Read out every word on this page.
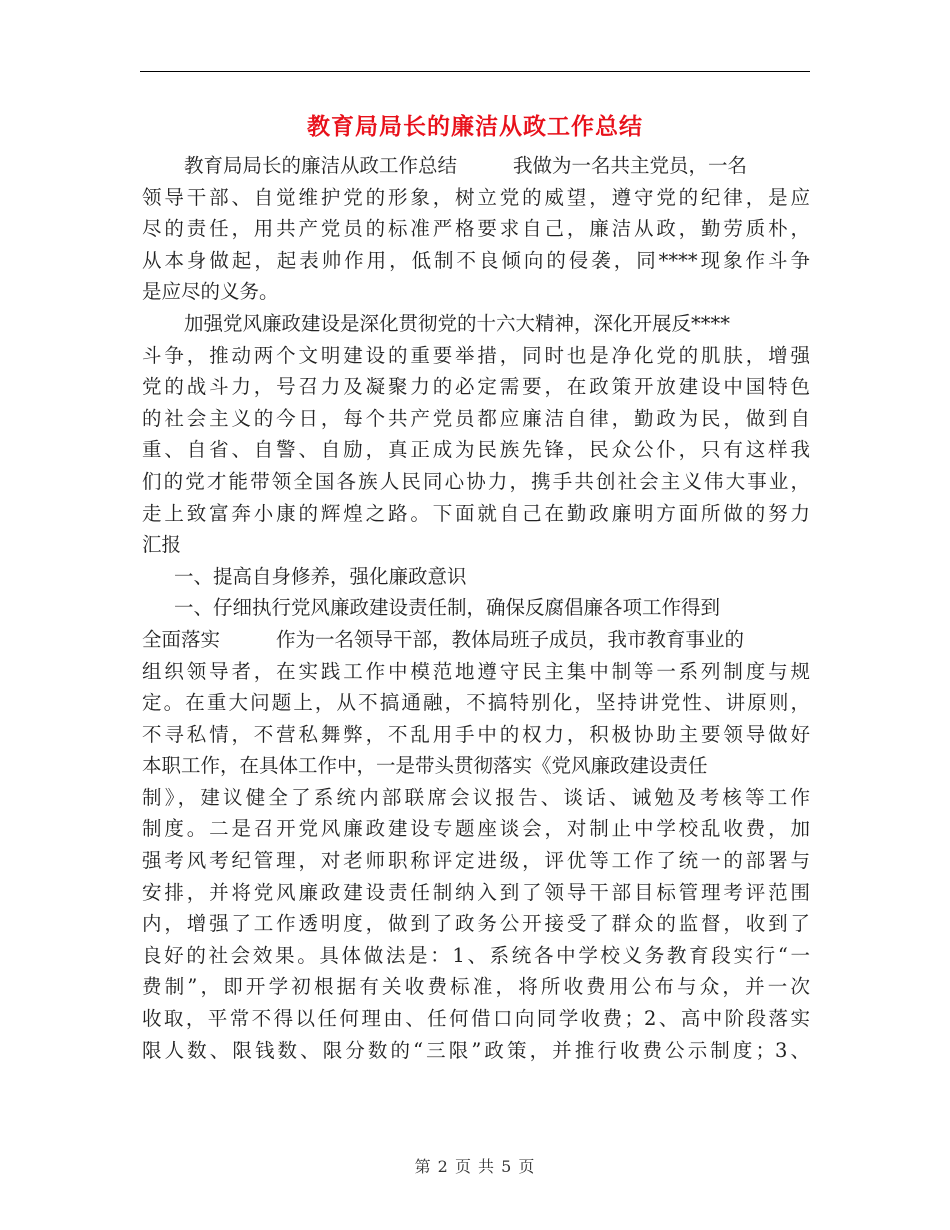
教育局局长的廉洁从政工作总结
教育局局长的廉洁从政工作总结	我做为一名共主党员，一名
领导干部、自觉维护党的形象，树立党的威望，遵守党的纪律，是应
尽的责任，用共产党员的标准严格要求自己，廉洁从政，勤劳质朴，
从本身做起，起表帅作用，低制不良倾向的侵袭，同****现象作斗争
是应尽的义务。
加强党风廉政建设是深化贯彻党的十六大精神，深化开展反****
斗争，推动两个文明建设的重要举措，同时也是净化党的肌肤，增强
党的战斗力，号召力及凝聚力的必定需要，在政策开放建设中国特色
的社会主义的今日，每个共产党员都应廉洁自律，勤政为民，做到自
重、自省、自警、自励，真正成为民族先锋，民众公仆，只有这样我
们的党才能带领全国各族人民同心协力，携手共创社会主义伟大事业，
走上致富奔小康的辉煌之路。下面就自己在勤政廉明方面所做的努力
汇报
一、提高自身修养，强化廉政意识
一、仔细执行党风廉政建设责任制，确保反腐倡廉各项工作得到
全面落实	作为一名领导干部，教体局班子成员，我市教育事业的
组织领导者，在实践工作中模范地遵守民主集中制等一系列制度与规
定。在重大问题上，从不搞通融，不搞特别化，坚持讲党性、讲原则，
不寻私情，不营私舞弊，不乱用手中的权力，积极协助主要领导做好
本职工作，在具体工作中，一是带头贯彻落实《党风廉政建设责任
制》，建议健全了系统内部联席会议报告、谈话、诫勉及考核等工作
制度。二是召开党风廉政建设专题座谈会，对制止中学校乱收费，加
强考风考纪管理，对老师职称评定进级，评优等工作了统一的部署与
安排，并将党风廉政建设责任制纳入到了领导干部目标管理考评范围
内，增强了工作透明度，做到了政务公开接受了群众的监督，收到了
良好的社会效果。具体做法是：1、系统各中学校义务教育段实行“一
费制”，即开学初根据有关收费标准，将所收费用公布与众，并一次
收取，平常不得以任何理由、任何借口向同学收费；2、高中阶段落实
限人数、限钱数、限分数的“三限”政策，并推行收费公示制度；3、
第 2 页 共 5 页
